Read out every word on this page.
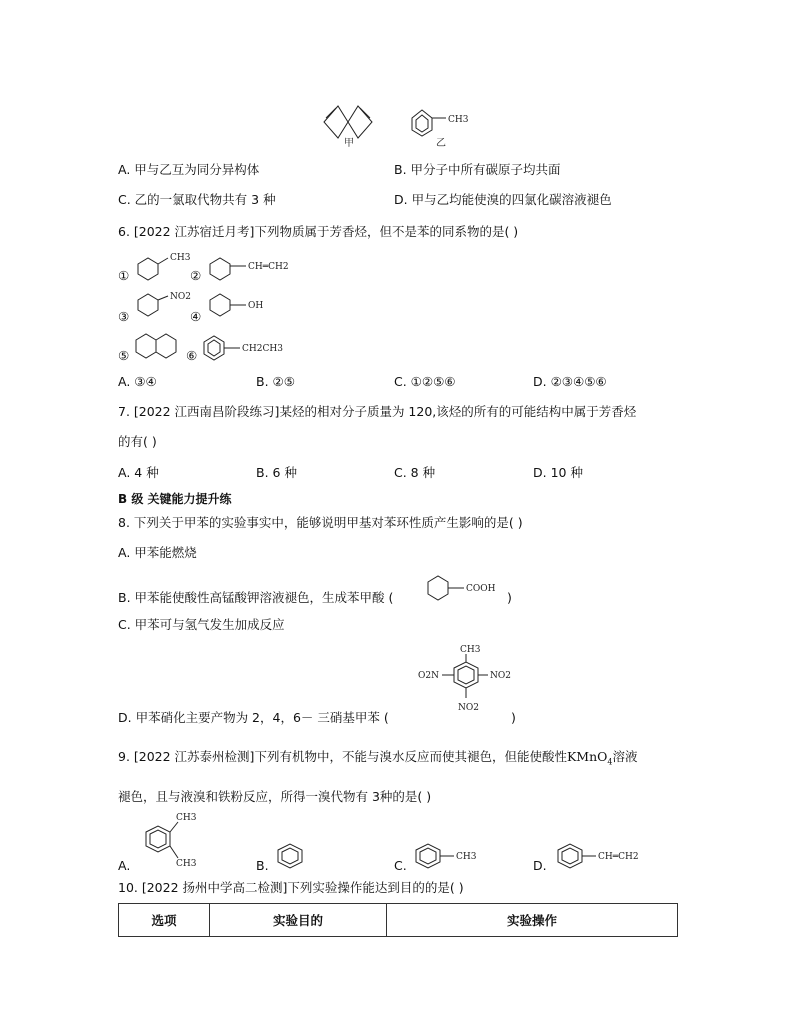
甲
CH3
乙
A. 甲与乙互为同分异构体	B. 甲分子中所有碳原子均共面
C. 乙的一氯取代物共有 3 种	D. 甲与乙均能使溴的四氯化碳溶液褪色
6. [2022 江苏宿迁月考]下列物质属于芳香烃，但不是苯的同系物的是( )
①
CH3
②
CH═CH2
③
NO2
④
OH
⑤	⑥	CH2CH3
A. ③④	B. ②⑤	C. ①②⑤⑥	D. ②③④⑤⑥
7. [2022 江西南昌阶段练习]某烃的相对分子质量为 120,该烃的所有的可能结构中属于芳香烃
的有( )
A. 4 种	B. 6 种	C. 8 种	D. 10 种
B 级 关键能力提升练
8. 下列关于甲苯的实验事实中，能够说明甲基对苯环性质产生影响的是( )
A. 甲苯能燃烧
B. 甲苯能使酸性高锰酸钾溶液褪色，生成苯甲酸 (
COOH
)
C. 甲苯可与氢气发生加成反应
CH3
O2N	NO2
NO2
D. 甲苯硝化主要产物为 2，4，6－ 三硝基甲苯 (	)
9. [2022 江苏泰州检测]下列有机物中，不能与溴水反应而使其褪色，但能使酸性KMnO$_4$溶液
褪色，且与液溴和铁粉反应，所得一溴代物有 3种的是( )
A.
CH3
CH3	B.	C.
CH3
D.
CH═CH2
10. [2022 扬州中学高二检测]下列实验操作能达到目的的是( )
选项	实验目的	实验操作
